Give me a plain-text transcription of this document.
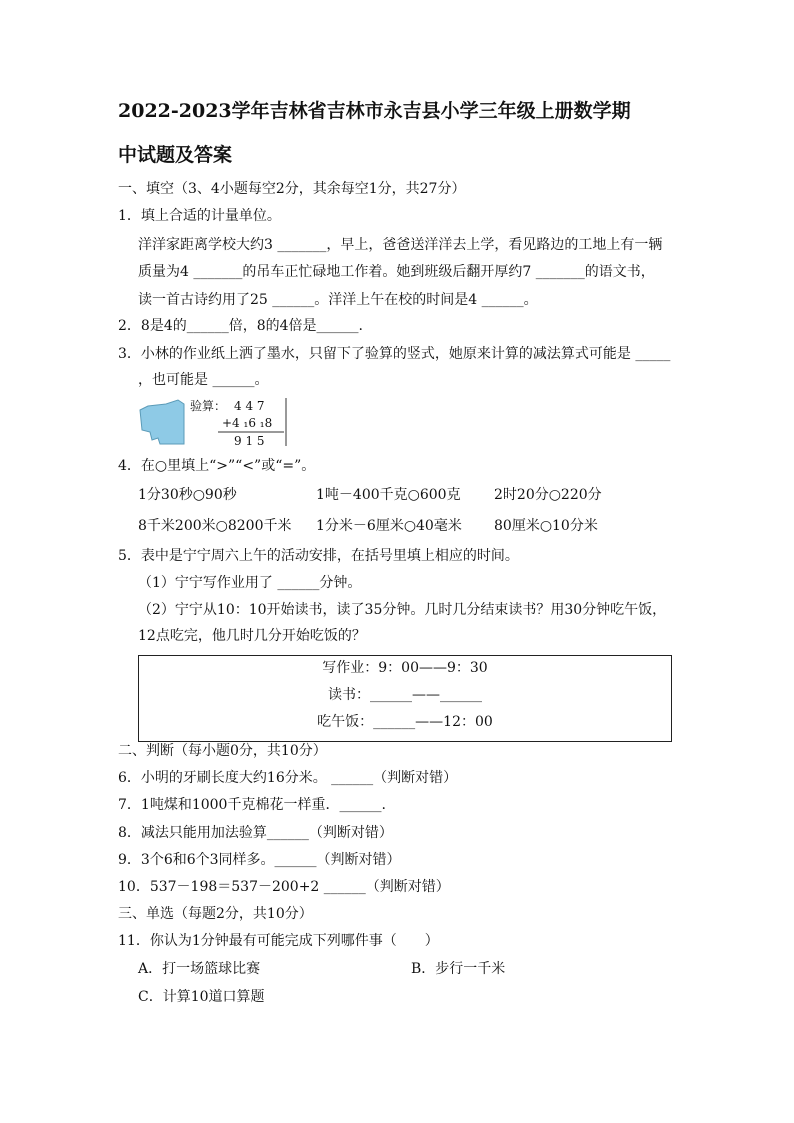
2022-2023学年吉林省吉林市永吉县小学三年级上册数学期
中试题及答案
一、填空（3、4小题每空2分，其余每空1分，共27分）
1．填上合适的计量单位。
洋洋家距离学校大约3 _______，早上，爸爸送洋洋去上学，看见路边的工地上有一辆
质量为4 _______的吊车正忙碌地工作着。她到班级后翻开厚约7 _______的语文书，
读一首古诗约用了25 ______。洋洋上午在校的时间是4 ______。
2．8是4的______倍，8的4倍是______.
3．小林的作业纸上洒了墨水，只留下了验算的竖式，她原来计算的减法算式可能是 _____
，也可能是 ______。
验算： 4 4 7
+4 ₁6 ₁8
9 1 5
4．在○里填上“>”“<”或“=”。
1分30秒○90秒	1吨－400千克○600克 2时20分○220分
8千米200米○8200千米 1分米－6厘米○40毫米 80厘米○10分米
5．表中是宁宁周六上午的活动安排，在括号里填上相应的时间。
（1）宁宁写作业用了 ______分钟。
（2）宁宁从10：10开始读书，读了35分钟。几时几分结束读书？用30分钟吃午饭，
12点吃完，他几时几分开始吃饭的？
写作业：9：00——9：30
读书：______——______
吃午饭：______——12：00
二、判断（每小题0分，共10分）
6．小明的牙刷长度大约16分米。 ______（判断对错）
7．1吨煤和1000千克棉花一样重．______.
8．减法只能用加法验算______（判断对错）
9．3个6和6个3同样多。______（判断对错）
10．537－198＝537－200+2 ______（判断对错）
三、单选（每题2分，共10分）
11．你认为1分钟最有可能完成下列哪件事（　　）
A．打一场篮球比赛	B．步行一千米
C．计算10道口算题
